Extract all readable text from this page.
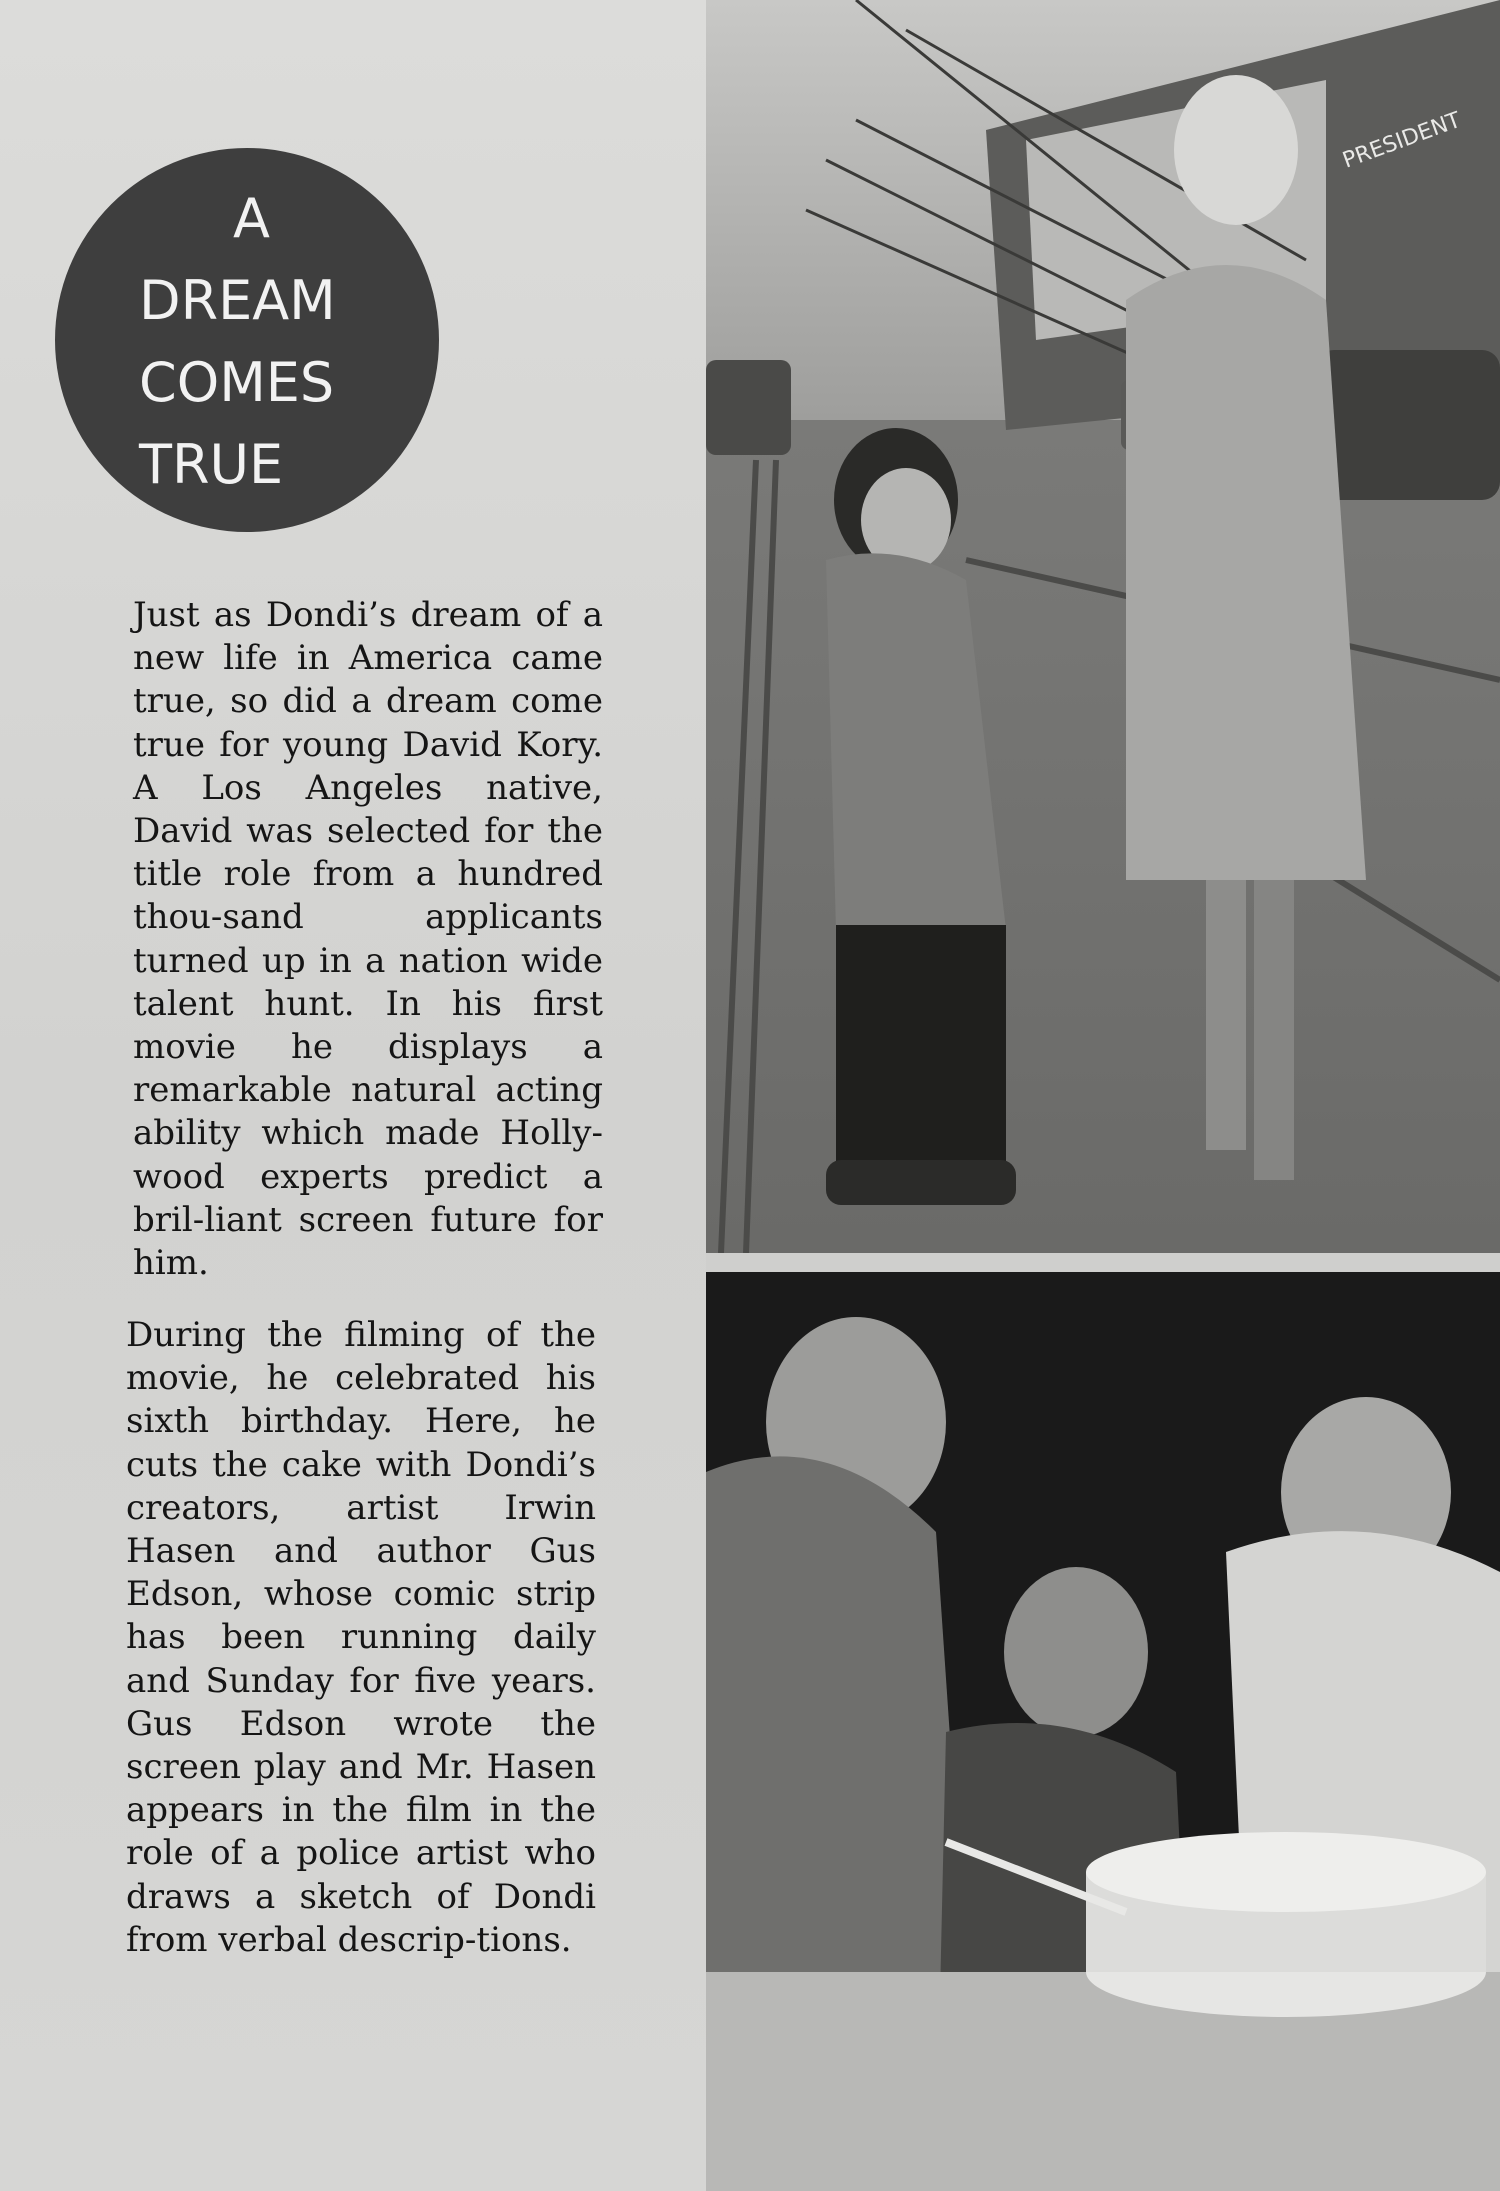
A
DREAM
COMES
TRUE

Just as Dondi’s dream of a new life in America came true, so did a dream come true for young David Kory. A Los Angeles native, David was selected for the title role from a hundred thou-sand applicants turned up in a nation wide talent hunt. In his first movie he displays a remarkable natural acting ability which made Holly-wood experts predict a bril-liant screen future for him.

During the filming of the movie, he celebrated his sixth birthday. Here, he cuts the cake with Dondi’s creators, artist Irwin Hasen and author Gus Edson, whose comic strip has been running daily and Sunday for five years. Gus Edson wrote the screen play and Mr. Hasen appears in the film in the role of a police artist who draws a sketch of Dondi from verbal descrip-tions.

PRESIDENT
